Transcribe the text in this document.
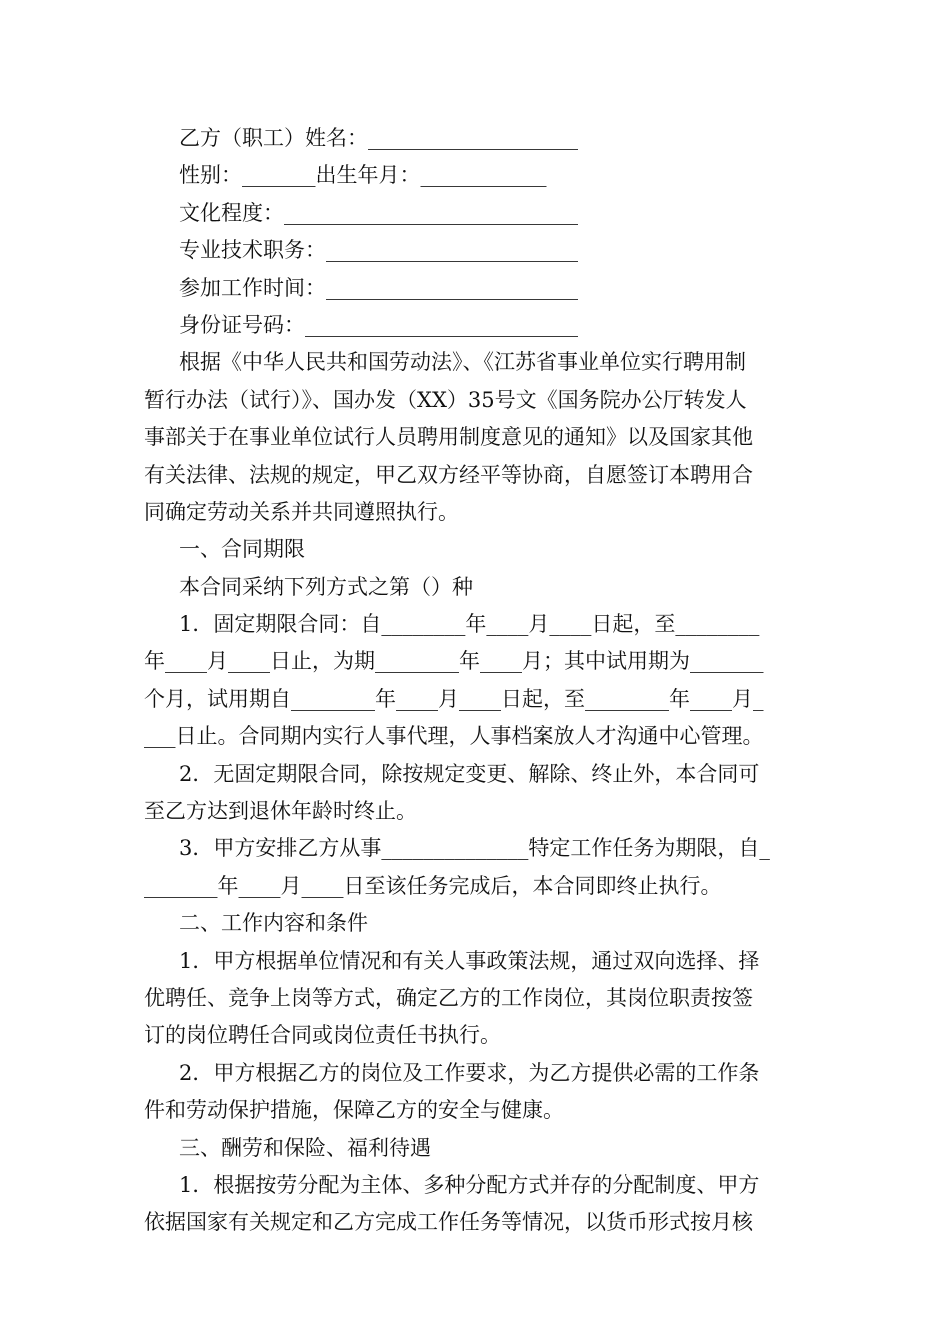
乙方（职工）姓名：____________________
性别：_______出生年月：____________
文化程度：____________________________
专业技术职务：________________________
参加工作时间：________________________
身份证号码：__________________________
根据《中华人民共和国劳动法》、《江苏省事业单位实行聘用制
暂行办法（试行）》、国办发（XX）35号文《国务院办公厅转发人
事部关于在事业单位试行人员聘用制度意见的通知》以及国家其他
有关法律、法规的规定，甲乙双方经平等协商，自愿签订本聘用合
同确定劳动关系并共同遵照执行。
一、合同期限
本合同采纳下列方式之第（）种
1．固定期限合同：自________年____月____日起，至________
年____月____日止，为期________年____月；其中试用期为_______
个月，试用期自________年____月____日起，至________年____月_
___日止。合同期内实行人事代理，人事档案放人才沟通中心管理。
2．无固定期限合同，除按规定变更、解除、终止外，本合同可
至乙方达到退休年龄时终止。
3．甲方安排乙方从事______________特定工作任务为期限，自_
_______年____月____日至该任务完成后，本合同即终止执行。
二、工作内容和条件
1．甲方根据单位情况和有关人事政策法规，通过双向选择、择
优聘任、竞争上岗等方式，确定乙方的工作岗位，其岗位职责按签
订的岗位聘任合同或岗位责任书执行。
2．甲方根据乙方的岗位及工作要求，为乙方提供必需的工作条
件和劳动保护措施，保障乙方的安全与健康。
三、酬劳和保险、福利待遇
1．根据按劳分配为主体、多种分配方式并存的分配制度、甲方
依据国家有关规定和乙方完成工作任务等情况，以货币形式按月核
